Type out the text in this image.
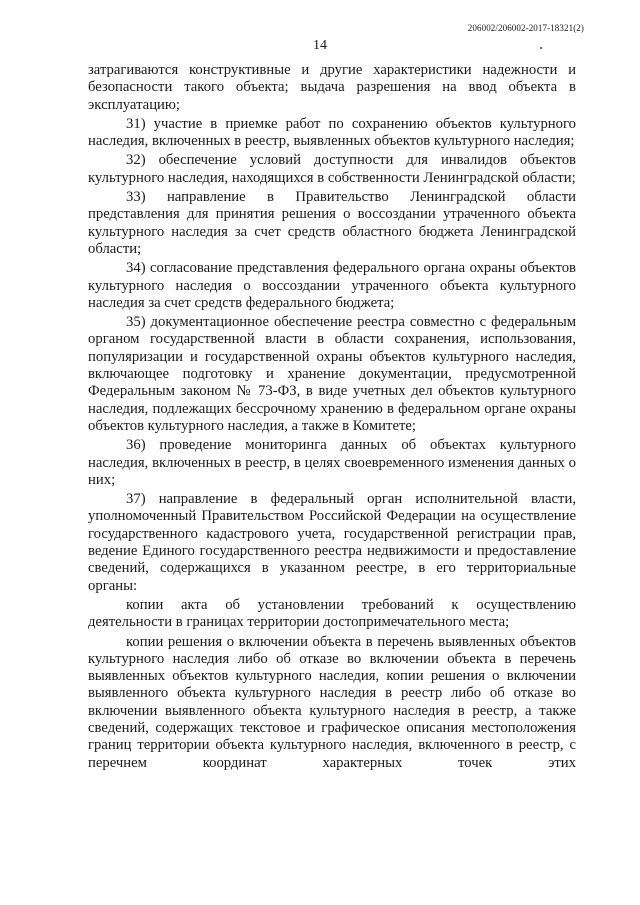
206002/206002-2017-18321(2)
14

затрагиваются конструктивные и другие характеристики надежности и безопасности такого объекта; выдача разрешения на ввод объекта в эксплуатацию;

31) участие в приемке работ по сохранению объектов культурного наследия, включенных в реестр, выявленных объектов культурного наследия;

32) обеспечение условий доступности для инвалидов объектов культурного наследия, находящихся в собственности Ленинградской области;

33) направление в Правительство Ленинградской области представления для принятия решения о воссоздании утраченного объекта культурного наследия за счет средств областного бюджета Ленинградской области;

34) согласование представления федерального органа охраны объектов культурного наследия о воссоздании утраченного объекта культурного наследия за счет средств федерального бюджета;

35) документационное обеспечение реестра совместно с федеральным органом государственной власти в области сохранения, использования, популяризации и государственной охраны объектов культурного наследия, включающее подготовку и хранение документации, предусмотренной Федеральным законом № 73-ФЗ, в виде учетных дел объектов культурного наследия, подлежащих бессрочному хранению в федеральном органе охраны объектов культурного наследия, а также в Комитете;

36) проведение мониторинга данных об объектах культурного наследия, включенных в реестр, в целях своевременного изменения данных о них;

37) направление в федеральный орган исполнительной власти, уполномоченный Правительством Российской Федерации на осуществление государственного кадастрового учета, государственной регистрации прав, ведение Единого государственного реестра недвижимости и предоставление сведений, содержащихся в указанном реестре, в его территориальные органы:

копии акта об установлении требований к осуществлению деятельности в границах территории достопримечательного места;

копии решения о включении объекта в перечень выявленных объектов культурного наследия либо об отказе во включении объекта в перечень выявленных объектов культурного наследия, копии решения о включении выявленного объекта культурного наследия в реестр либо об отказе во включении выявленного объекта культурного наследия в реестр, а также сведений, содержащих текстовое и графическое описания местоположения границ территории объекта культурного наследия, включенного в реестр, с перечнем координат характерных точек этих
